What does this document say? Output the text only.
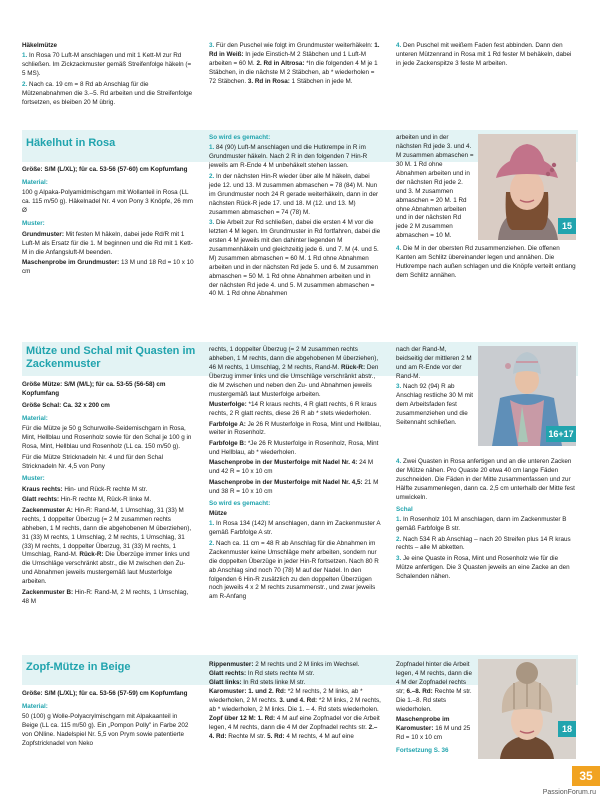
Häkelmütze

1. In Rosa 70 Luft-M anschlagen und mit 1 Kett-M zur Rd schließen. Im Zickzackmuster gemäß Streifenfolge häkeln (= 5 MS).

2. Nach ca. 19 cm = 8 Rd ab Anschlag für die Mützenabnahmen die 3.–5. Rd arbeiten und die Streifenfolge fortsetzen, es bleiben 20 M übrig.

3. Für den Puschel wie folgt im Grundmuster weiterhäkeln: 1. Rd in Weiß: In jede Einstich-M 2 Stäbchen und 1 Luft-M arbeiten = 60 M. 2. Rd in Altrosa: *In die folgenden 4 M je 1 Stäbchen, in die nächste M 2 Stäbchen, ab * wiederholen = 72 Stäbchen. 3. Rd in Rosa: 1 Stäbchen in jede M.

4. Den Puschel mit weißem Faden fest abbinden. Dann den unteren Mützenrand in Rosa mit 1 Rd fester M behäkeln, dabei in jede Zackenspitze 3 feste M arbeiten.

Häkelhut in Rosa

Größe: S/M (L/XL); für ca. 53-56 (57-60) cm Kopfumfang

Material:

100 g Alpaka-Polyamidmischgarn mit Wollanteil in Rosa (LL ca. 115 m/50 g). Häkelnadel Nr. 4 von Pony 3 Knöpfe, 26 mm Ø

Muster:

Grundmuster: Mit festen M häkeln, dabei jede Rd/R mit 1 Luft-M als Ersatz für die 1. M beginnen und die Rd mit 1 Kett-M in die Anfangsluft-M beenden.

Maschenprobe im Grundmuster: 13 M und 18 Rd = 10 x 10 cm

So wird es gemacht:

1. 84 (90) Luft-M anschlagen und die Hutkrempe in R im Grundmuster häkeln. Nach 2 R in den folgenden 7 Hin-R jeweils am R-Ende 4 M unbehäkelt stehen lassen.

2. In der nächsten Hin-R wieder über alle M häkeln, dabei jede 12. und 13. M zusammen abmaschen = 78 (84) M. Nun im Grundmuster noch 24 R gerade weiterhäkeln, dann in der nächsten Rück-R jede 17. und 18. M (12. und 13. M) zusammen abmaschen = 74 (78) M.

3. Die Arbeit zur Rd schließen, dabei die ersten 4 M vor die letzten 4 M legen. Im Grundmuster in Rd fortfahren, dabei die ersten 4 M jeweils mit den dahinter liegenden M zusammenhäkeln und gleichzeitig jede 6. und 7. M (4. und 5. M) zusammen abmaschen = 60 M. 1 Rd ohne Abnahmen arbeiten und in der nächsten Rd jede 5. und 6. M zusammen abmaschen = 50 M. 1 Rd ohne Abnahmen arbeiten und in der nächsten Rd jede 4. und 5. M zusammen abmaschen = 40 M. 1 Rd ohne Abnahmen

arbeiten und in der nächsten Rd jede 3. und 4. M zusammen abmaschen = 30 M. 1 Rd ohne Abnahmen arbeiten und in der nächsten Rd jede 2. und 3. M zusammen abmaschen = 20 M. 1 Rd ohne Abnahmen arbeiten und in der nächsten Rd jede 2 M zusammen abmaschen = 10 M.

4. Die M in der obersten Rd zusammenziehen. Die offenen Kanten am Schlitz übereinander legen und annähen. Die Hutkrempe nach außen schlagen und die Knöpfe verteilt entlang dem Schlitz annähen.

15
Mütze und Schal mit Quasten im Zackenmuster

Größe Mütze: S/M (M/L); für ca. 53-55 (56-58) cm Kopfumfang

Größe Schal: Ca. 32 x 200 cm

Material:

Für die Mütze je 50 g Schurwolle-Seidemischgarn in Rosa, Mint, Hellblau und Rosenholz sowie für den Schal je 100 g in Rosa, Mint, Hellblau und Rosenholz (LL ca. 150 m/50 g).

Für die Mütze Stricknadeln Nr. 4 und für den Schal Stricknadeln Nr. 4,5 von Pony

Muster:

Kraus rechts: Hin- und Rück-R rechte M str.

Glatt rechts: Hin-R rechte M, Rück-R linke M.

Zackenmuster A: Hin-R: Rand-M, 1 Umschlag, 31 (33) M rechts, 1 doppelter Überzug (= 2 M zusammen rechts abheben, 1 M rechts, dann die abgehobenen M überziehen), 31 (33) M rechts, 1 Umschlag, 2 M rechts, 1 Umschlag, 31 (33) M rechts, 1 doppelter Überzug, 31 (33) M rechts, 1 Umschlag, Rand-M. Rück-R: Die Überzüge immer links und die Umschläge verschränkt abstr., die M zwischen den Zu- und Abnahmen jeweils mustergemäß laut Musterfolge arbeiten.

Zackenmuster B: Hin-R: Rand-M, 2 M rechts, 1 Umschlag, 48 M

rechts, 1 doppelter Überzug (= 2 M zusammen rechts abheben, 1 M rechts, dann die abgehobenen M überziehen), 46 M rechts, 1 Umschlag, 2 M rechts, Rand-M. Rück-R: Den Überzug immer links und die Umschläge verschränkt abstr., die M zwischen und neben den Zu- und Abnahmen jeweils mustergemäß laut Musterfolge arbeiten.

Musterfolge: *14 R kraus rechts, 4 R glatt rechts, 6 R kraus rechts, 2 R glatt rechts, diese 26 R ab * stets wiederholen.

Farbfolge A: Je 26 R Musterfolge in Rosa, Mint und Hellblau, weiter in Rosenholz.

Farbfolge B: *Je 26 R Musterfolge in Rosenholz, Rosa, Mint und Hellblau, ab * wiederholen.

Maschenprobe in der Musterfolge mit Nadel Nr. 4: 24 M und 42 R = 10 x 10 cm

Maschenprobe in der Musterfolge mit Nadel Nr. 4,5: 21 M und 38 R = 10 x 10 cm

So wird es gemacht:

Mütze

1. In Rosa 134 (142) M anschlagen, dann im Zackenmuster A gemäß Farbfolge A str.

2. Nach ca. 11 cm = 48 R ab Anschlag für die Abnahmen im Zackenmuster keine Umschläge mehr arbeiten, sondern nur die doppelten Überzüge in jeder Hin-R fortsetzen. Nach 80 R ab Anschlag sind noch 70 (78) M auf der Nadel. In den folgenden 6 Hin-R zusätzlich zu den doppelten Überzügen noch jeweils 4 x 2 M rechts zusammenstr., und zwar jeweils am R-Anfang

nach der Rand-M, beidseitig der mittleren 2 M und am R-Ende vor der Rand-M.

3. Nach 92 (94) R ab Anschlag restliche 30 M mit dem Arbeitsfaden fest zusammenziehen und die Seitennaht schließen.

4. Zwei Quasten in Rosa anfertigen und an die unteren Zacken der Mütze nähen. Pro Quaste 20 etwa 40 cm lange Fäden zuschneiden. Die Fäden in der Mitte zusammenfassen und zur Hälfte zusammenlegen, dann ca. 2,5 cm unterhalb der Mitte fest umwickeln.

Schal

1. In Rosenholz 101 M anschlagen, dann im Zackenmuster B gemäß Farbfolge B str.

2. Nach 534 R ab Anschlag – nach 20 Streifen plus 14 R kraus rechts – alle M abketten.

3. Je eine Quaste in Rosa, Mint und Rosenholz wie für die Mütze anfertigen. Die 3 Quasten jeweils an eine Zacke an den Schalenden nähen.

16+17
Zopf-Mütze in Beige

Größe: S/M (L/XL); für ca. 53-56 (57-59) cm Kopfumfang

Material:

50 (100) g Wolle-Polyacrylmischgarn mit Alpakaanteil in Beige (LL ca. 115 m/50 g). Ein „Pompon Polly" in Farbe 202 von ONline. Nadelspiel Nr. 5,5 von Prym sowie patentierte Zopfstricknadel von Neko

Rippenmuster: 2 M rechts und 2 M links im Wechsel.
Glatt rechts: In Rd stets rechte M str.
Glatt links: In Rd stets linke M str.
Karomuster: 1. und 2. Rd: *2 M rechts, 2 M links, ab * wiederholen, 2 M rechts. 3. und 4. Rd: *2 M links, 2 M rechts, ab * wiederholen, 2 M links. Die 1. – 4. Rd stets wiederholen.
Zopf über 12 M: 1. Rd: 4 M auf eine Zopfnadel vor die Arbeit legen, 4 M rechts, dann die 4 M der Zopfnadel rechts str. 2.–4. Rd: Rechte M str. 5. Rd: 4 M rechts, 4 M auf eine

Zopfnadel hinter die Arbeit legen, 4 M rechts, dann die 4 M der Zopfnadel rechts str; 6.–8. Rd: Rechte M str. Die 1.–8. Rd stets wiederholen.

Maschenprobe im Karomuster: 16 M und 25 Rd = 10 x 10 cm

Fortsetzung S. 36

18
35
PassionForum.ru
